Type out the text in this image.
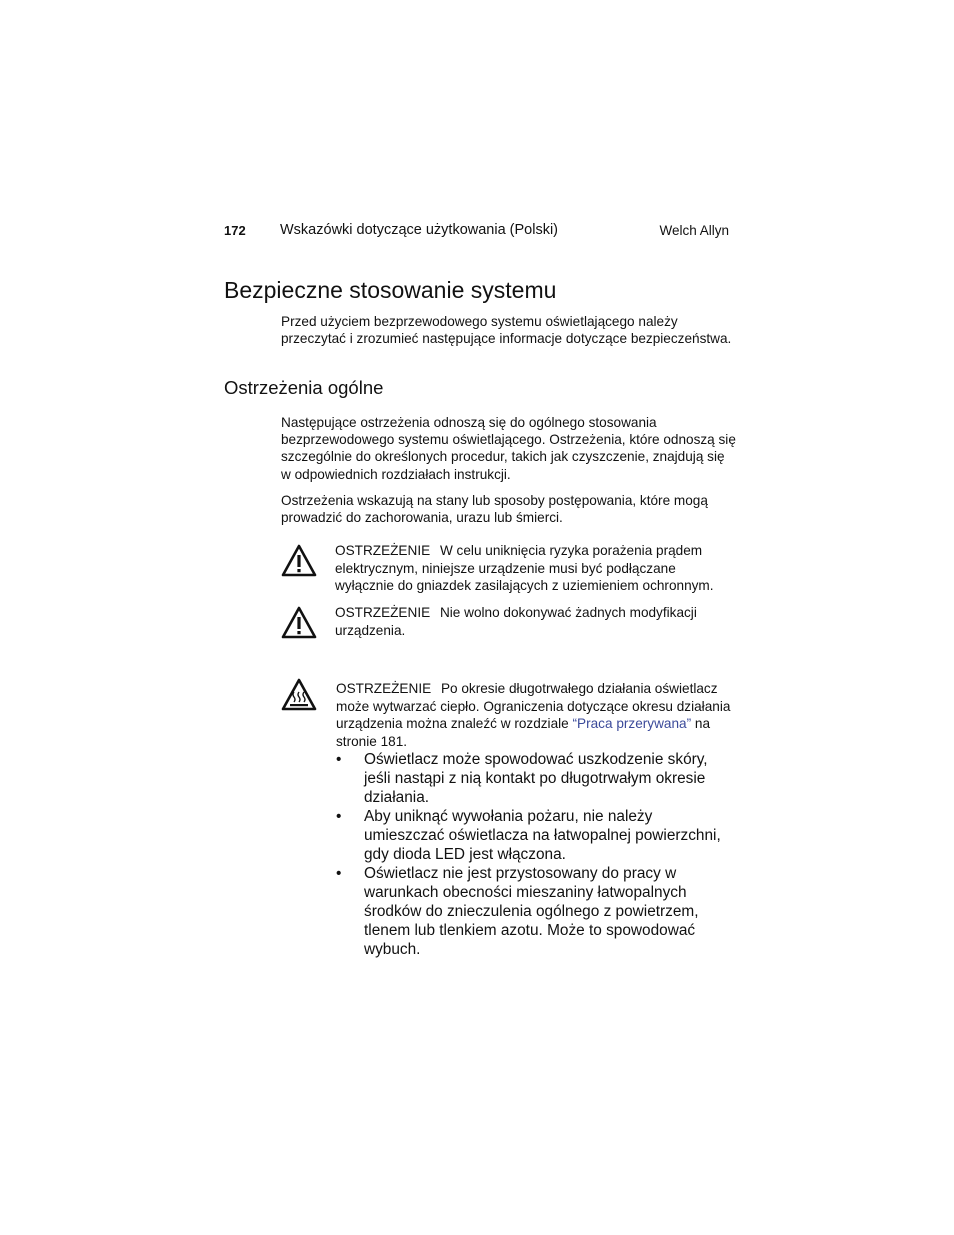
172 Wskazówki dotyczące użytkowania (Polski)	Welch Allyn
Bezpieczne stosowanie systemu
Przed użyciem bezprzewodowego systemu oświetlającego należy przeczytać i zrozumieć następujące informacje dotyczące bezpieczeństwa.
Ostrzeżenia ogólne
Następujące ostrzeżenia odnoszą się do ogólnego stosowania bezprzewodowego systemu oświetlającego. Ostrzeżenia, które odnoszą się szczególnie do określonych procedur, takich jak czyszczenie, znajdują się w odpowiednich rozdziałach instrukcji.
Ostrzeżenia wskazują na stany lub sposoby postępowania, które mogą prowadzić do zachorowania, urazu lub śmierci.
OSTRZEŻENIE W celu uniknięcia ryzyka porażenia prądem elektrycznym, niniejsze urządzenie musi być podłączane wyłącznie do gniazdek zasilających z uziemieniem ochronnym.
OSTRZEŻENIE Nie wolno dokonywać żadnych modyfikacji urządzenia.
OSTRZEŻENIE Po okresie długotrwałego działania oświetlacz może wytwarzać ciepło. Ograniczenia dotyczące okresu działania urządzenia można znaleźć w rozdziale “Praca przerywana” na stronie 181.
• Oświetlacz może spowodować uszkodzenie skóry, jeśli nastąpi z nią kontakt po długotrwałym okresie działania.
• Aby uniknąć wywołania pożaru, nie należy umieszczać oświetlacza na łatwopalnej powierzchni, gdy dioda LED jest włączona.
• Oświetlacz nie jest przystosowany do pracy w warunkach obecności mieszaniny łatwopalnych środków do znieczulenia ogólnego z powietrzem, tlenem lub tlenkiem azotu. Może to spowodować wybuch.
